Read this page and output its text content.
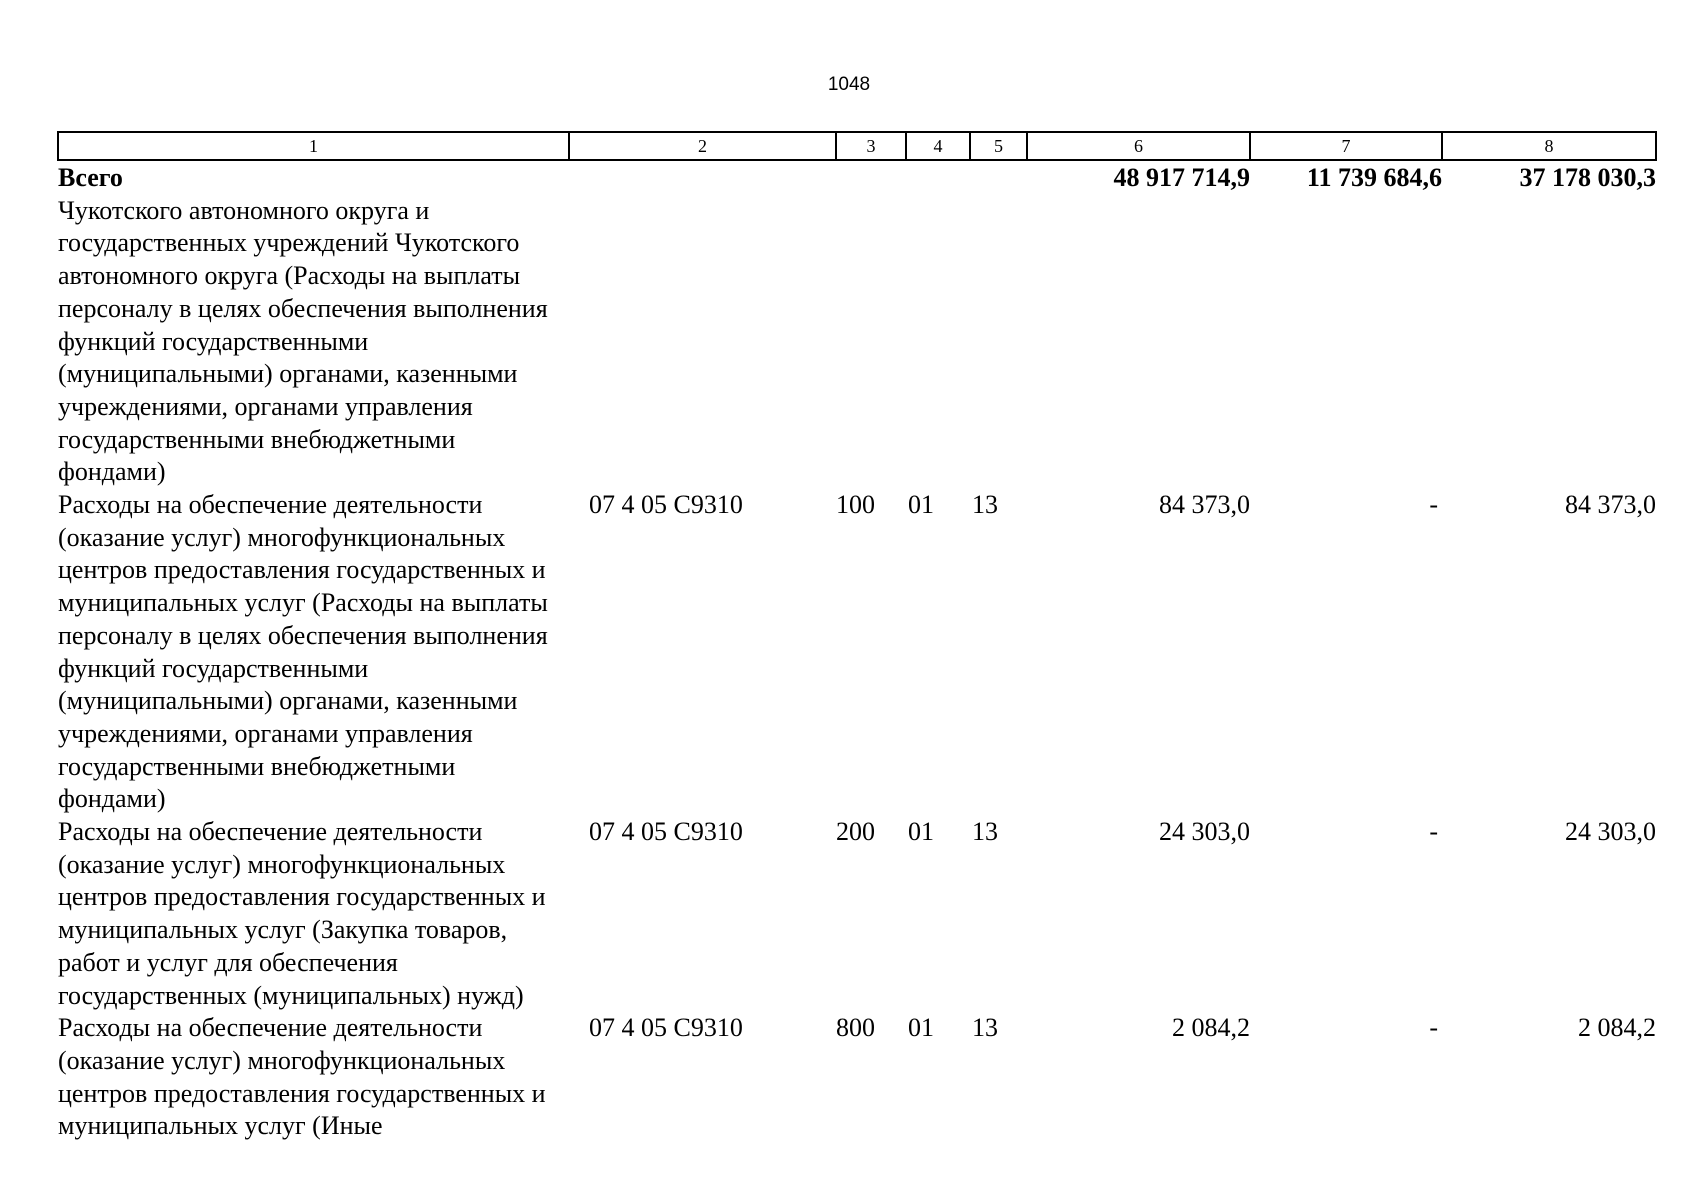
1048
1	2	3	4	5	6	7	8
Всего					48 917 714,9	11 739 684,6	37 178 030,3
Чукотского автономного округа и государственных учреждений Чукотского автономного округа (Расходы на выплаты персоналу в целях обеспечения выполнения функций государственными (муниципальными) органами, казенными учреждениями, органами управления государственными внебюджетными фондами)							
Расходы на обеспечение деятельности (оказание услуг) многофункциональных центров предоставления государственных и муниципальных услуг (Расходы на выплаты персоналу в целях обеспечения выполнения функций государственными (муниципальными) органами, казенными учреждениями, органами управления государственными внебюджетными фондами)	07 4 05 C9310	100	01	13	84 373,0	-	84 373,0
Расходы на обеспечение деятельности (оказание услуг) многофункциональных центров предоставления государственных и муниципальных услуг (Закупка товаров, работ и услуг для обеспечения государственных (муниципальных) нужд)	07 4 05 C9310	200	01	13	24 303,0	-	24 303,0
Расходы на обеспечение деятельности (оказание услуг) многофункциональных центров предоставления государственных и муниципальных услуг (Иные	07 4 05 C9310	800	01	13	2 084,2	-	2 084,2
